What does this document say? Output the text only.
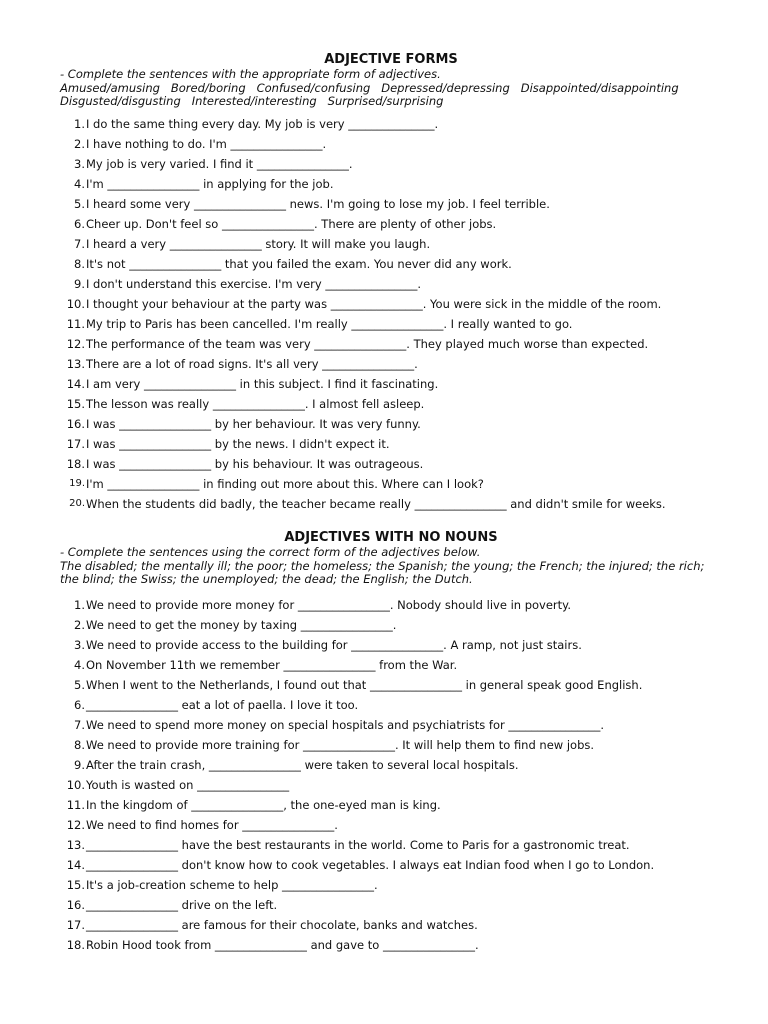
ADJECTIVE FORMS
- Complete the sentences with the appropriate form of adjectives.
Amused/amusing   Bored/boring   Confused/confusing   Depressed/depressing   Disappointed/disappointing
Disgusted/disgusting   Interested/interesting   Surprised/surprising
1. I do the same thing every day. My job is very _______________.
2. I have nothing to do. I'm ________________.
3. My job is very varied. I find it ________________.
4. I'm ________________ in applying for the job.
5. I heard some very ________________ news. I'm going to lose my job. I feel terrible.
6. Cheer up. Don't feel so ________________. There are plenty of other jobs.
7. I heard a very ________________ story. It will make you laugh.
8. It's not ________________ that you failed the exam. You never did any work.
9. I don't understand this exercise. I'm very ________________.
10. I thought your behaviour at the party was ________________. You were sick in the middle of the room.
11. My trip to Paris has been cancelled. I'm really ________________. I really wanted to go.
12. The performance of the team was very ________________. They played much worse than expected.
13. There are a lot of road signs. It's all very ________________.
14. I am very ________________ in this subject. I find it fascinating.
15. The lesson was really ________________. I almost fell asleep.
16. I was ________________ by her behaviour. It was very funny.
17. I was ________________ by the news. I didn't expect it.
18. I was ________________ by his behaviour. It was outrageous.
19. I'm ________________ in finding out more about this. Where can I look?
20. When the students did badly, the teacher became really ________________ and didn't smile for weeks.
ADJECTIVES WITH NO NOUNS
- Complete the sentences using the correct form of the adjectives below.
The disabled; the mentally ill; the poor; the homeless; the Spanish; the young; the French; the injured; the rich; the blind; the Swiss; the unemployed; the dead; the English; the Dutch.
1. We need to provide more money for ________________. Nobody should live in poverty.
2. We need to get the money by taxing ________________.
3. We need to provide access to the building for ________________. A ramp, not just stairs.
4. On November 11th we remember ________________ from the War.
5. When I went to the Netherlands, I found out that ________________ in general speak good English.
6. ________________ eat a lot of paella. I love it too.
7. We need to spend more money on special hospitals and psychiatrists for ________________.
8. We need to provide more training for ________________. It will help them to find new jobs.
9. After the train crash, ________________ were taken to several local hospitals.
10. Youth is wasted on ________________
11. In the kingdom of ________________, the one-eyed man is king.
12. We need to find homes for ________________.
13. ________________ have the best restaurants in the world. Come to Paris for a gastronomic treat.
14. ________________ don't know how to cook vegetables. I always eat Indian food when I go to London.
15. It's a job-creation scheme to help ________________.
16. ________________ drive on the left.
17. ________________ are famous for their chocolate, banks and watches.
18. Robin Hood took from ________________ and gave to ________________.
